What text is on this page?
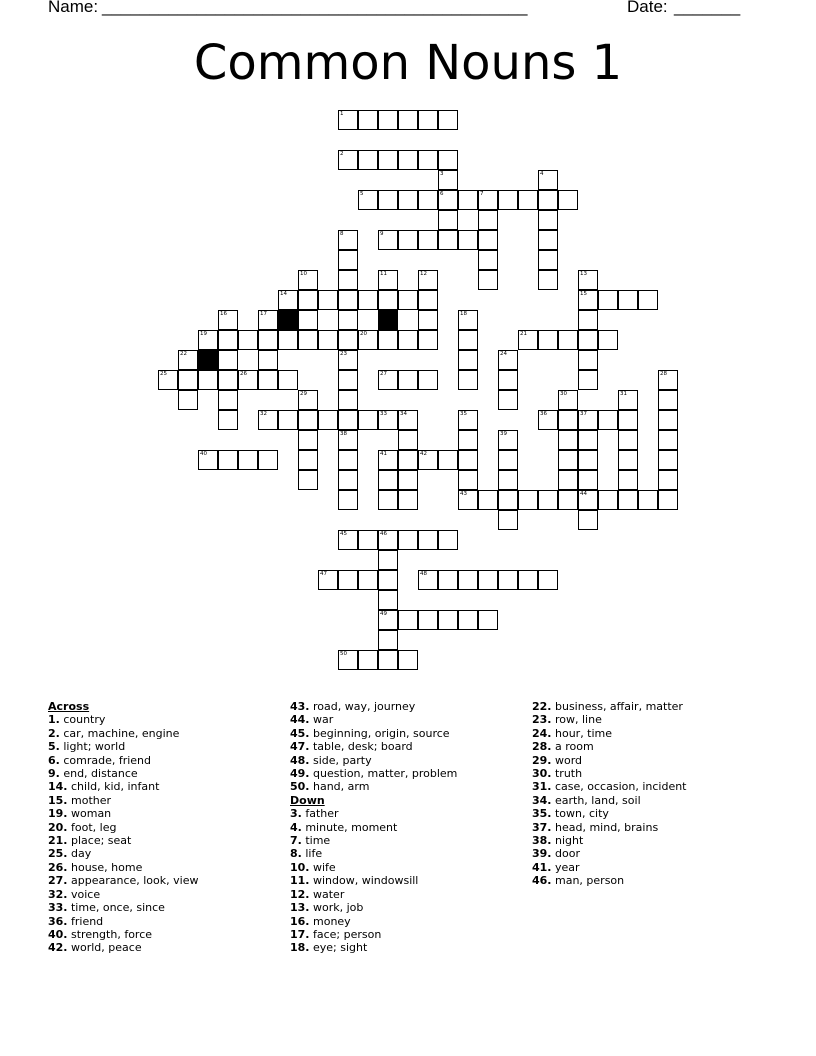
Name: _____________________________________________	Date: _______
Common Nouns 1
1
2
3	4
5	6	7
8	9
10	11	12	13
14	15
16	17	18
19	20	21
22	23	24
25	26	27	28
29	30	31
32	33 34	35	36	37
38	39
40	41	42
43	44
45	46
47	48
49
50
Across
1. country
2. car, machine, engine
5. light; world
6. comrade, friend
9. end, distance
14. child, kid, infant
15. mother
19. woman
20. foot, leg
21. place; seat
25. day
26. house, home
27. appearance, look, view
32. voice
33. time, once, since
36. friend
40. strength, force
42. world, peace
43. road, way, journey
44. war
45. beginning, origin, source
47. table, desk; board
48. side, party
49. question, matter, problem
50. hand, arm
Down
3. father
4. minute, moment
7. time
8. life
10. wife
11. window, windowsill
12. water
13. work, job
16. money
17. face; person
18. eye; sight
22. business, affair, matter
23. row, line
24. hour, time
28. a room
29. word
30. truth
31. case, occasion, incident
34. earth, land, soil
35. town, city
37. head, mind, brains
38. night
39. door
41. year
46. man, person
